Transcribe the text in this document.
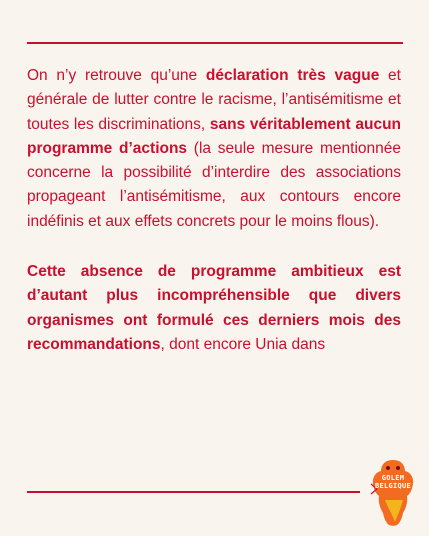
On n’y retrouve qu’une déclaration très vague et générale de lutter contre le racisme, l’antisémitisme et toutes les discriminations, sans véritablement aucun programme d’actions (la seule mesure mentionnée concerne la possibilité d’interdire des associations propageant l’antisémitisme, aux contours encore indéfinis et aux effets concrets pour le moins flous).

Cette absence de programme ambitieux est d’autant plus incompréhensible que divers organismes ont formulé ces derniers mois des recommandations, dont encore Unia dans

GOLEM
BELGIQUE
